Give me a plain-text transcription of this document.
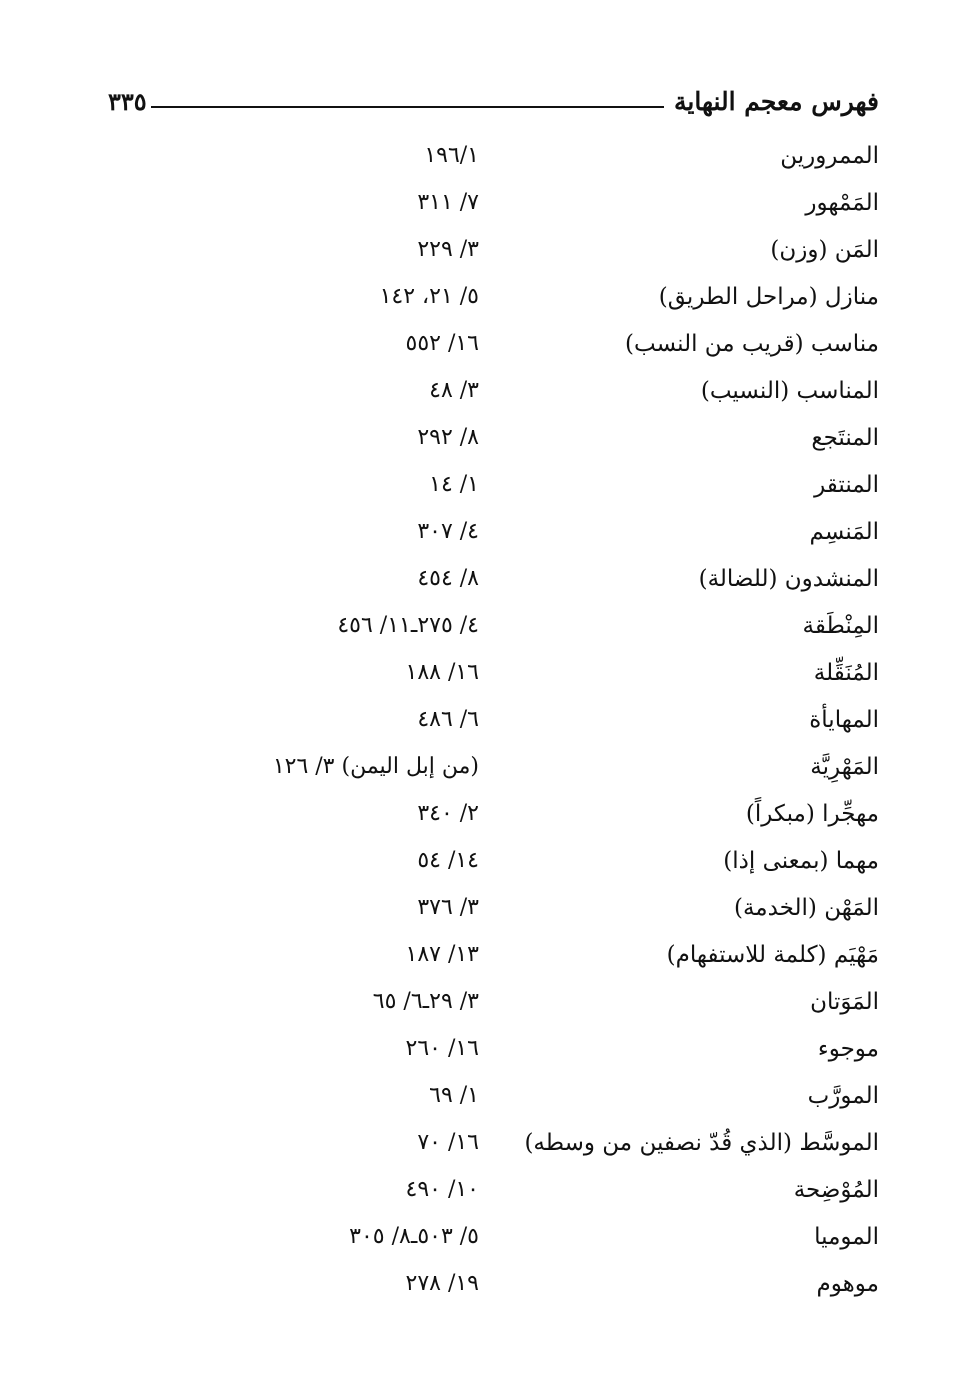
فهرس معجم النهاية
٣٣٥
الممرورين
١٩٦/١
المَمْهور
٧/ ٣١١
المَن (وزن)
٣/ ٢٢٩
منازل (مراحل الطريق)
٥/ ٢١، ١٤٢
مناسب (قريب من النسب)
١٦/ ٥٥٢
المناسب (النسيب)
٣/ ٤٨
المنتَجع
٨/ ٢٩٢
المنتقر
١/ ١٤
المَنسِم
٤/ ٣٠٧
المنشدون (للضالة)
٨/ ٤٥٤
المِنْطَقة
٤/ ٢٧٥ـ١١/ ٤٥٦
المُنَقِّلة
١٦/ ١٨٨
المهايأة
٦/ ٤٨٦
المَهْرِيَّة
(من إبل اليمن) ٣/ ١٢٦
مهجِّرا (مبكراً)
٢/ ٣٤٠
مهما (بمعنى إذا)
١٤/ ٥٤
المَهْن (الخدمة)
٣/ ٣٧٦
مَهْيَم (كلمة للاستفهام)
١٣/ ١٨٧
المَوَتان
٣/ ٢٩ـ٦/ ٦٥
موجوء
١٦/ ٢٦٠
المورَّب
١/ ٦٩
الموسَّط (الذي قُدّ نصفين من وسطه)
١٦/ ٧٠
المُوْضِحة
١٠/ ٤٩٠
الموميا
٥/ ٥٠٣ـ٨/ ٣٠٥
موهوم
١٩/ ٢٧٨
